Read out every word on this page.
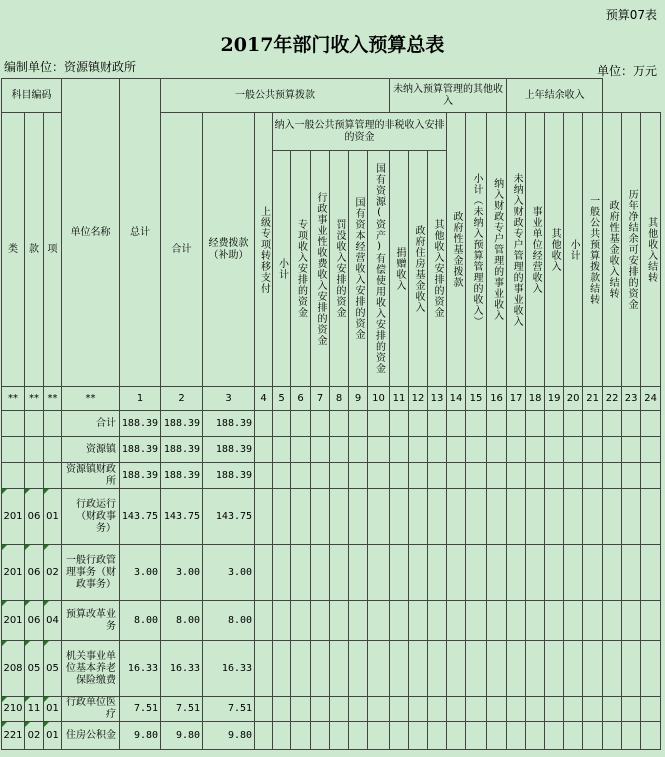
预算07表
2017年部门收入预算总表
编制单位：资源镇财政所	单位：万元
科目编码			单位名称	总计	一般公共预算拨款									未纳入预算管理的其他收入						上年结余收入							
类	款	项			合计	经费拨款（补助）	上级专项转移支付	纳入一般公共预算管理的非税收入安排的资金									政府性基金拨款	小计（未纳入预算管理的收入）	纳入财政专户管理的事业收入	未纳入财政专户管理的事业收入	事业单位经营收入	其他收入	小计	一般公共预算拨款结转	政府性基金收入结转	历年净结余可安排的资金	其他收入结转

								小计	专项收入安排的资金	行政事业性收费收入安排的资金	罚没收入安排的资金	国有资本经营收入安排的资金	国有资源(资产)有偿使用收入安排的资金	捐赠收入	政府住房基金收入	其他收入安排的资金											

**	**	**	**	1	2	3	4	5	6	7	8	9	10	11	12	13	14	15	16	17	18	19	20	21	22	23	24
			合计	188.39	188.39	188.39																					
			资源镇	188.39	188.39	188.39																					
			资源镇财政所	188.39	188.39	188.39																					
201	06	01	行政运行（财政事务）	143.75	143.75	143.75																					
201	06	02	一般行政管理事务（财政事务）	3.00	3.00	3.00																					
201	06	04	预算改革业务	8.00	8.00	8.00																					
208	05	05	机关事业单位基本养老保险缴费	16.33	16.33	16.33																					
210	11	01	行政单位医疗	7.51	7.51	7.51																					
221	02	01	住房公积金	9.80	9.80	9.80																					
